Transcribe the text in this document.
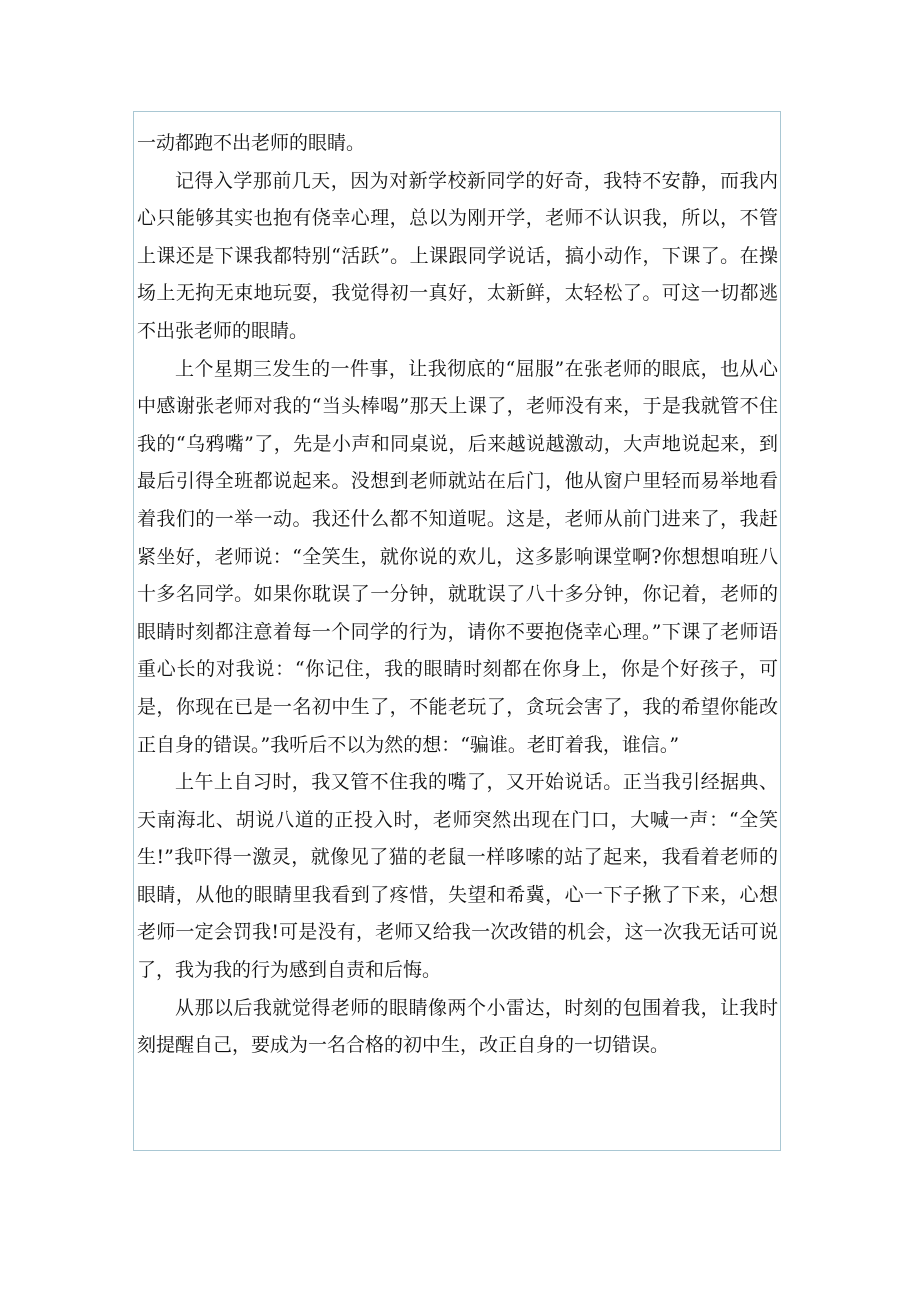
一动都跑不出老师的眼睛。

记得入学那前几天，因为对新学校新同学的好奇，我特不安静，而我内心只能够其实也抱有侥幸心理，总以为刚开学，老师不认识我，所以，不管上课还是下课我都特别“活跃”。上课跟同学说话，搞小动作，下课了。在操场上无拘无束地玩耍，我觉得初一真好，太新鲜，太轻松了。可这一切都逃不出张老师的眼睛。

上个星期三发生的一件事，让我彻底的“屈服”在张老师的眼底，也从心中感谢张老师对我的“当头棒喝”那天上课了，老师没有来，于是我就管不住我的“乌鸦嘴”了，先是小声和同桌说，后来越说越激动，大声地说起来，到最后引得全班都说起来。没想到老师就站在后门，他从窗户里轻而易举地看着我们的一举一动。我还什么都不知道呢。这是，老师从前门进来了，我赶紧坐好，老师说：“全笑生，就你说的欢儿，这多影响课堂啊?你想想咱班八十多名同学。如果你耽误了一分钟，就耽误了八十多分钟，你记着，老师的眼睛时刻都注意着每一个同学的行为，请你不要抱侥幸心理。”下课了老师语重心长的对我说：“你记住，我的眼睛时刻都在你身上，你是个好孩子，可是，你现在已是一名初中生了，不能老玩了，贪玩会害了，我的希望你能改正自身的错误。”我听后不以为然的想：“骗谁。老盯着我，谁信。”

上午上自习时，我又管不住我的嘴了，又开始说话。正当我引经据典、天南海北、胡说八道的正投入时，老师突然出现在门口，大喊一声：“全笑生!”我吓得一激灵，就像见了猫的老鼠一样哆嗦的站了起来，我看着老师的眼睛，从他的眼睛里我看到了疼惜，失望和希冀，心一下子揪了下来，心想老师一定会罚我!可是没有，老师又给我一次改错的机会，这一次我无话可说了，我为我的行为感到自责和后悔。

从那以后我就觉得老师的眼睛像两个小雷达，时刻的包围着我，让我时刻提醒自己，要成为一名合格的初中生，改正自身的一切错误。
